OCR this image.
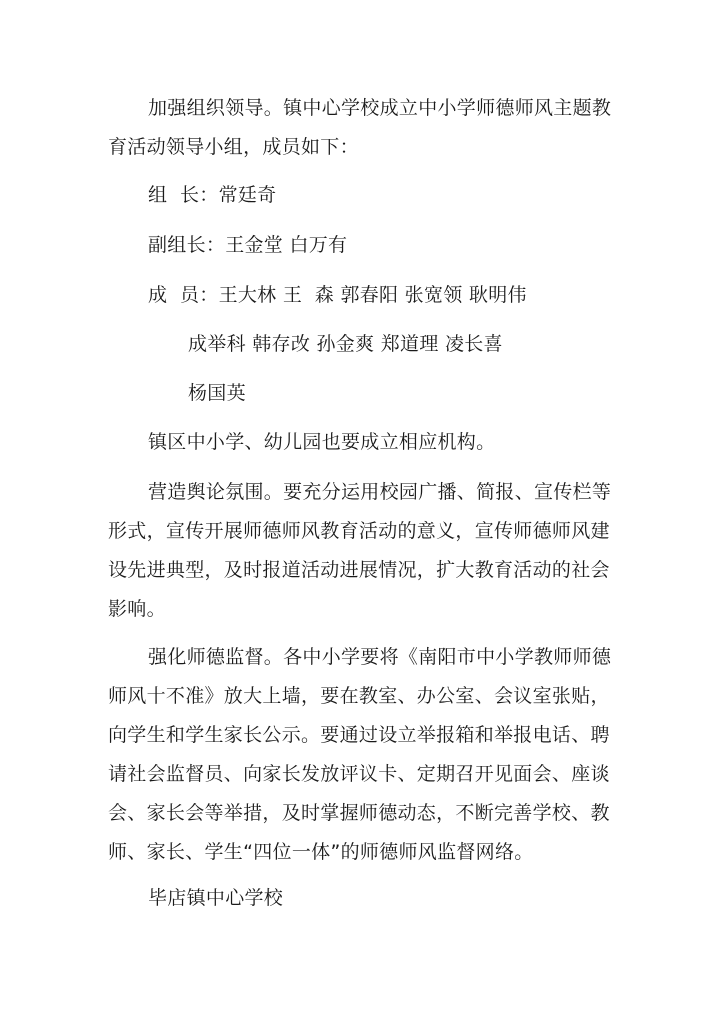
加强组织领导。镇中心学校成立中小学师德师风主题教
育活动领导小组，成员如下：
组  长：常廷奇
副组长：王金堂 白万有
成  员：王大林 王  森 郭春阳 张宽领 耿明伟
成举科 韩存改 孙金爽 郑道理 凌长喜
杨国英
镇区中小学、幼儿园也要成立相应机构。
营造舆论氛围。要充分运用校园广播、简报、宣传栏等
形式，宣传开展师德师风教育活动的意义，宣传师德师风建
设先进典型，及时报道活动进展情况，扩大教育活动的社会
影响。
强化师德监督。各中小学要将《南阳市中小学教师师德
师风十不准》放大上墙，要在教室、办公室、会议室张贴，
向学生和学生家长公示。要通过设立举报箱和举报电话、聘
请社会监督员、向家长发放评议卡、定期召开见面会、座谈
会、家长会等举措，及时掌握师德动态，不断完善学校、教
师、家长、学生“四位一体”的师德师风监督网络。
毕店镇中心学校
